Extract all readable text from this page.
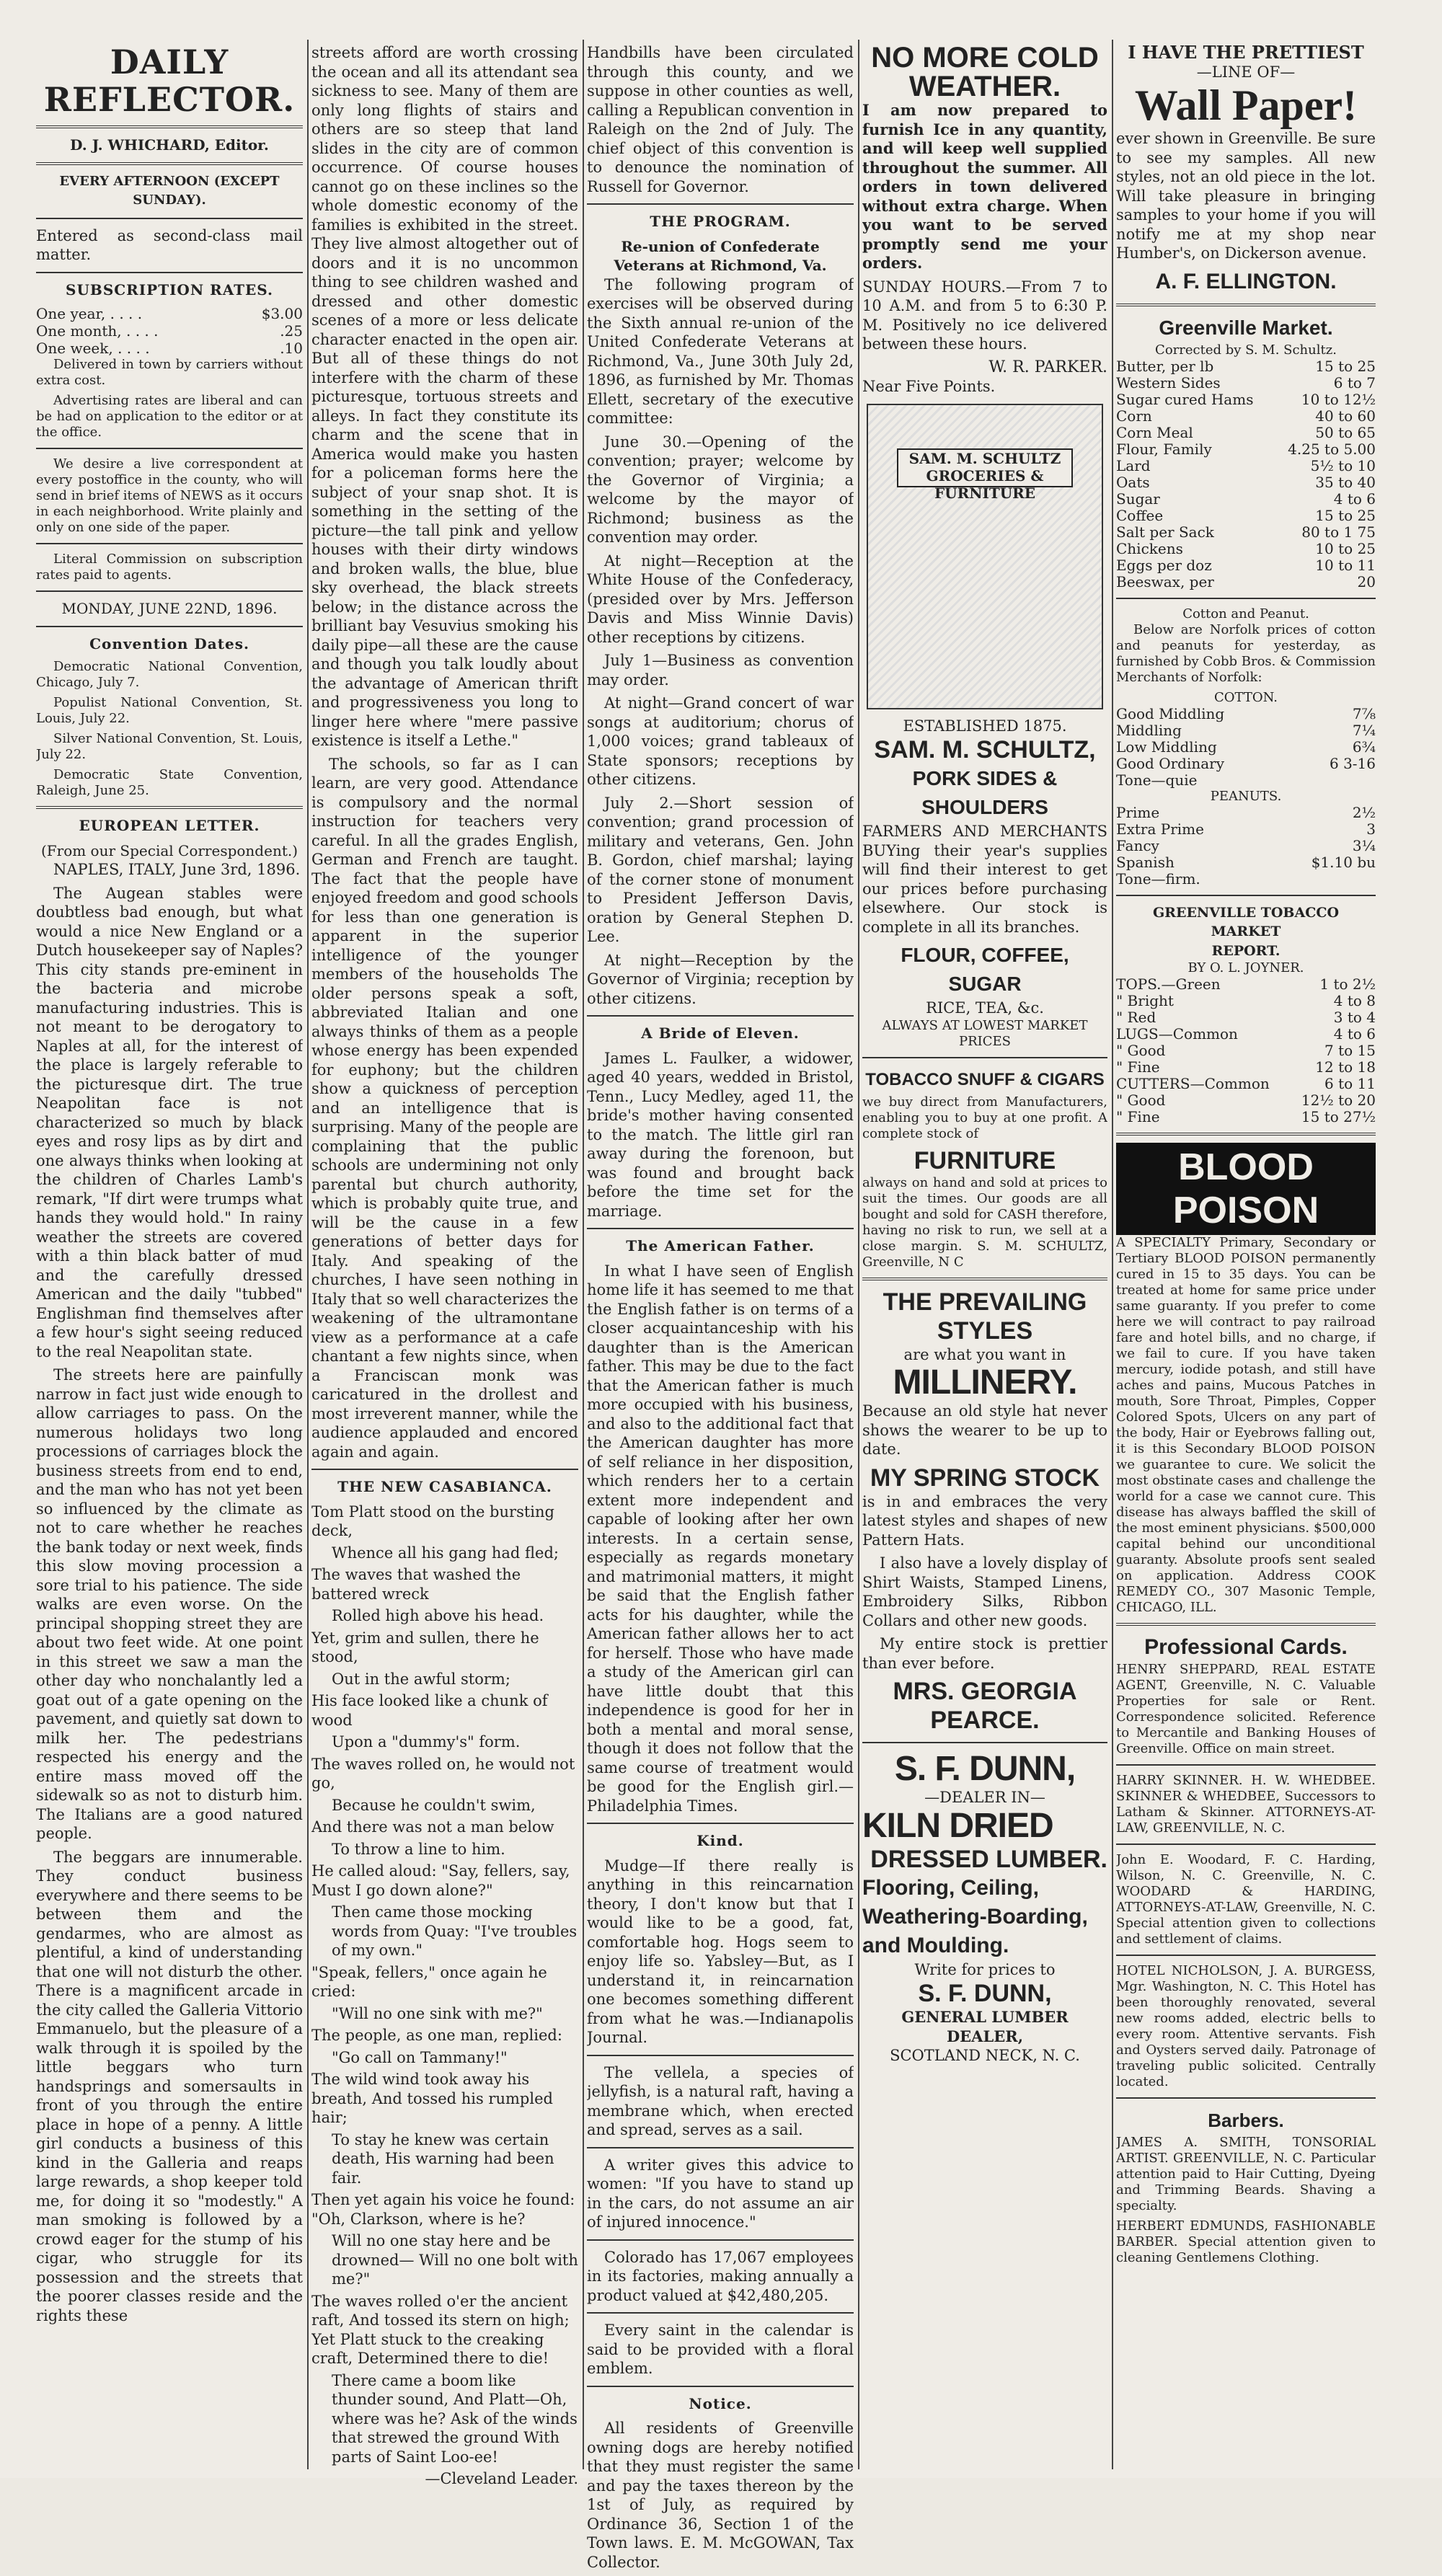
DAILY REFLECTOR.
D. J. WHICHARD, Editor.
EVERY AFTERNOON (EXCEPT SUNDAY).

Entered as second-class mail matter.

SUBSCRIPTION RATES.
One year, . . . .	$3.00
One month, . . . .	.25
One week, . . . .	.10

Delivered in town by carriers without extra cost.

Advertising rates are liberal and can be had on application to the editor or at the office.

We desire a live correspondent at every postoffice in the county, who will send in brief items of NEWS as it occurs in each neighborhood. Write plainly and only on one side of the paper.

Literal Commission on subscription rates paid to agents.

MONDAY, JUNE 22ND, 1896.
Convention Dates.

Democratic National Convention, Chicago, July 7.

Populist National Convention, St. Louis, July 22.

Silver National Convention, St. Louis, July 22.

Democratic State Convention, Raleigh, June 25.

EUROPEAN LETTER.
(From our Special Correspondent.)

NAPLES, ITALY, June 3rd, 1896.

The Augean stables were doubtless bad enough, but what would a nice New England or a Dutch housekeeper say of Naples? This city stands pre-eminent in the bacteria and microbe manufacturing industries. This is not meant to be derogatory to Naples at all, for the interest of the place is largely referable to the picturesque dirt. The true Neapolitan face is not characterized so much by black eyes and rosy lips as by dirt and one always thinks when looking at the children of Charles Lamb's remark, "If dirt were trumps what hands they would hold." In rainy weather the streets are covered with a thin black batter of mud and the carefully dressed American and the daily "tubbed" Englishman find themselves after a few hour's sight seeing reduced to the real Neapolitan state.

The streets here are painfully narrow in fact just wide enough to allow carriages to pass. On the numerous holidays two long processions of carriages block the business streets from end to end, and the man who has not yet been so influenced by the climate as not to care whether he reaches the bank today or next week, finds this slow moving procession a sore trial to his patience. The side walks are even worse. On the principal shopping street they are about two feet wide. At one point in this street we saw a man the other day who nonchalantly led a goat out of a gate opening on the pavement, and quietly sat down to milk her. The pedestrians respected his energy and the entire mass moved off the sidewalk so as not to disturb him. The Italians are a good natured people.

The beggars are innumerable. They conduct business everywhere and there seems to be between them and the gendarmes, who are almost as plentiful, a kind of understanding that one will not disturb the other. There is a magnificent arcade in the city called the Galleria Vittorio Emmanuelo, but the pleasure of a walk through it is spoiled by the little beggars who turn handsprings and somersaults in front of you through the entire place in hope of a penny. A little girl conducts a business of this kind in the Galleria and reaps large rewards, a shop keeper told me, for doing it so "modestly." A man smoking is followed by a crowd eager for the stump of his cigar, who struggle for its possession and the streets that the poorer classes reside and the rights these

streets afford are worth crossing the ocean and all its attendant sea sickness to see. Many of them are only long flights of stairs and others are so steep that land slides in the city are of common occurrence. Of course houses cannot go on these inclines so the whole domestic economy of the families is exhibited in the street. They live almost altogether out of doors and it is no uncommon thing to see children washed and dressed and other domestic scenes of a more or less delicate character enacted in the open air. But all of these things do not interfere with the charm of these picturesque, tortuous streets and alleys. In fact they constitute its charm and the scene that in America would make you hasten for a policeman forms here the subject of your snap shot. It is something in the setting of the picture—the tall pink and yellow houses with their dirty windows and broken walls, the blue, blue sky overhead, the black streets below; in the distance across the brilliant bay Vesuvius smoking his daily pipe—all these are the cause and though you talk loudly about the advantage of American thrift and progressiveness you long to linger here where "mere passive existence is itself a Lethe."

The schools, so far as I can learn, are very good. Attendance is compulsory and the normal instruction for teachers very careful. In all the grades English, German and French are taught. The fact that the people have enjoyed freedom and good schools for less than one generation is apparent in the superior intelligence of the younger members of the households The older persons speak a soft, abbreviated Italian and one always thinks of them as a people whose energy has been expended for euphony; but the children show a quickness of perception and an intelligence that is surprising. Many of the people are complaining that the public schools are undermining not only parental but church authority, which is probably quite true, and will be the cause in a few generations of better days for Italy. And speaking of the churches, I have seen nothing in Italy that so well characterizes the weakening of the ultramontane view as a performance at a cafe chantant a few nights since, when a Franciscan monk was caricatured in the drollest and most irreverent manner, while the audience applauded and encored again and again.

THE NEW CASABIANCA.

Tom Platt stood on the bursting deck,

Whence all his gang had fled;

The waves that washed the battered wreck

Rolled high above his head.

Yet, grim and sullen, there he stood,

Out in the awful storm;

His face looked like a chunk of wood

Upon a "dummy's" form.

The waves rolled on, he would not go,

Because he couldn't swim,

And there was not a man below

To throw a line to him.

He called aloud: "Say, fellers, say, Must I go down alone?"

Then came those mocking words from Quay: "I've troubles of my own."

"Speak, fellers," once again he cried:

"Will no one sink with me?"

The people, as one man, replied:

"Go call on Tammany!"

The wild wind took away his breath, And tossed his rumpled hair;

To stay he knew was certain death, His warning had been fair.

Then yet again his voice he found: "Oh, Clarkson, where is he?

Will no one stay here and be drowned— Will no one bolt with me?"

The waves rolled o'er the ancient raft, And tossed its stern on high; Yet Platt stuck to the creaking craft, Determined there to die!

There came a boom like thunder sound, And Platt—Oh, where was he? Ask of the winds that strewed the ground With parts of Saint Loo-ee!

—Cleveland Leader.

Handbills have been circulated through this county, and we suppose in other counties as well, calling a Republican convention in Raleigh on the 2nd of July. The chief object of this convention is to denounce the nomination of Russell for Governor.

THE PROGRAM.
Re-union of Confederate Veterans at Richmond, Va.

The following program of exercises will be observed during the Sixth annual re-union of the United Confederate Veterans at Richmond, Va., June 30th July 2d, 1896, as furnished by Mr. Thomas Ellett, secretary of the executive committee:

June 30.—Opening of the convention; prayer; welcome by the Governor of Virginia; a welcome by the mayor of Richmond; business as the convention may order.

At night—Reception at the White House of the Confederacy, (presided over by Mrs. Jefferson Davis and Miss Winnie Davis) other receptions by citizens.

July 1—Business as convention may order.

At night—Grand concert of war songs at auditorium; chorus of 1,000 voices; grand tableaux of State sponsors; receptions by other citizens.

July 2.—Short session of convention; grand procession of military and veterans, Gen. John B. Gordon, chief marshal; laying of the corner stone of monument to President Jefferson Davis, oration by General Stephen D. Lee.

At night—Reception by the Governor of Virginia; reception by other citizens.

A Bride of Eleven.

James L. Faulker, a widower, aged 40 years, wedded in Bristol, Tenn., Lucy Medley, aged 11, the bride's mother having consented to the match. The little girl ran away during the forenoon, but was found and brought back before the time set for the marriage.

The American Father.

In what I have seen of English home life it has seemed to me that the English father is on terms of a closer acquaintanceship with his daughter than is the American father. This may be due to the fact that the American father is much more occupied with his business, and also to the additional fact that the American daughter has more of self reliance in her disposition, which renders her to a certain extent more independent and capable of looking after her own interests. In a certain sense, especially as regards monetary and matrimonial matters, it might be said that the English father acts for his daughter, while the American father allows her to act for herself. Those who have made a study of the American girl can have little doubt that this independence is good for her in both a mental and moral sense, though it does not follow that the same course of treatment would be good for the English girl.—Philadelphia Times.

Kind.

Mudge—If there really is anything in this reincarnation theory, I don't know but that I would like to be a good, fat, comfortable hog. Hogs seem to enjoy life so. Yabsley—But, as I understand it, in reincarnation one becomes something different from what he was.—Indianapolis Journal.

The vellela, a species of jellyfish, is a natural raft, having a membrane which, when erected and spread, serves as a sail.

A writer gives this advice to women: "If you have to stand up in the cars, do not assume an air of injured innocence."

Colorado has 17,067 employees in its factories, making annually a product valued at $42,480,205.

Every saint in the calendar is said to be provided with a floral emblem.

Notice.

All residents of Greenville owning dogs are hereby notified that they must register the same and pay the taxes thereon by the 1st of July, as required by Ordinance 36, Section 1 of the Town laws. E. M. McGOWAN, Tax Collector.

NO MORE COLD WEATHER.

I am now prepared to furnish Ice in any quantity, and will keep well supplied throughout the summer. All orders in town delivered without extra charge. When you want to be served promptly send me your orders.

SUNDAY HOURS.—From 7 to 10 A.M. and from 5 to 6:30 P. M. Positively no ice delivered between these hours.

W. R. PARKER.
Near Five Points.
SAM. M. SCHULTZ GROCERIES & FURNITURE
ESTABLISHED 1875.
SAM. M. SCHULTZ,
PORK SIDES & SHOULDERS

FARMERS AND MERCHANTS BUYing their year's supplies will find their interest to get our prices before purchasing elsewhere. Our stock is complete in all its branches.

FLOUR, COFFEE, SUGAR
RICE, TEA, &c.
ALWAYS AT LOWEST MARKET PRICES
TOBACCO SNUFF & CIGARS

we buy direct from Manufacturers, enabling you to buy at one profit. A complete stock of

FURNITURE

always on hand and sold at prices to suit the times. Our goods are all bought and sold for CASH therefore, having no risk to run, we sell at a close margin. S. M. SCHULTZ, Greenville, N C

THE PREVAILING STYLES
are what you want in
MILLINERY.

Because an old style hat never shows the wearer to be up to date.

MY SPRING STOCK

is in and embraces the very latest styles and shapes of new Pattern Hats.

I also have a lovely display of Shirt Waists, Stamped Linens, Embroidery Silks, Ribbon Collars and other new goods.

My entire stock is prettier than ever before.

MRS. GEORGIA PEARCE.
S. F. DUNN,
—DEALER IN—
KILN DRIED
DRESSED LUMBER.
Flooring, Ceiling,
Weathering-Boarding,
and Moulding.
Write for prices to
S. F. DUNN,
GENERAL LUMBER DEALER,
SCOTLAND NECK, N. C.
I HAVE THE PRETTIEST
—LINE OF—
Wall Paper!

ever shown in Greenville. Be sure to see my samples. All new styles, not an old piece in the lot. Will take pleasure in bringing samples to your home if you will notify me at my shop near Humber's, on Dickerson avenue.

A. F. ELLINGTON.
Greenville Market.
Corrected by S. M. Schultz.
Butter, per lb	15 to 25
Western Sides	6 to 7
Sugar cured Hams	10 to 12½
Corn	40 to 60
Corn Meal	50 to 65
Flour, Family	4.25 to 5.00
Lard	5½ to 10
Oats	35 to 40
Sugar	4 to 6
Coffee	15 to 25
Salt per Sack	80 to 1 75
Chickens	10 to 25
Eggs per doz	10 to 11
Beeswax, per	20
Cotton and Peanut.

Below are Norfolk prices of cotton and peanuts for yesterday, as furnished by Cobb Bros. & Commission Merchants of Norfolk:

COTTON.
Good Middling	7⅞
Middling	7¼
Low Middling	6¾
Good Ordinary	6 3-16
Tone—quie
PEANUTS.
Prime	2½
Extra Prime	3
Fancy	3¼
Spanish	$1.10 bu
Tone—firm.
GREENVILLE TOBACCO MARKET
REPORT.
BY O. L. JOYNER.
TOPS.—Green	1 to 2½
" Bright	4 to 8
" Red	3 to 4
LUGS—Common	4 to 6
" Good	7 to 15
" Fine	12 to 18
CUTTERS—Common	6 to 11
" Good	12½ to 20
" Fine	15 to 27½
BLOOD POISON

A SPECIALTY Primary, Secondary or Tertiary BLOOD POISON permanently cured in 15 to 35 days. You can be treated at home for same price under same guaranty. If you prefer to come here we will contract to pay railroad fare and hotel bills, and no charge, if we fail to cure. If you have taken mercury, iodide potash, and still have aches and pains, Mucous Patches in mouth, Sore Throat, Pimples, Copper Colored Spots, Ulcers on any part of the body, Hair or Eyebrows falling out, it is this Secondary BLOOD POISON we guarantee to cure. We solicit the most obstinate cases and challenge the world for a case we cannot cure. This disease has always baffled the skill of the most eminent physicians. $500,000 capital behind our unconditional guaranty. Absolute proofs sent sealed on application. Address COOK REMEDY CO., 307 Masonic Temple, CHICAGO, ILL.

Professional Cards.

HENRY SHEPPARD, REAL ESTATE AGENT, Greenville, N. C. Valuable Properties for sale or Rent. Correspondence solicited. Reference to Mercantile and Banking Houses of Greenville. Office on main street.

HARRY SKINNER. H. W. WHEDBEE. SKINNER & WHEDBEE, Successors to Latham & Skinner. ATTORNEYS-AT-LAW, GREENVILLE, N. C.

John E. Woodard, F. C. Harding, Wilson, N. C. Greenville, N. C. WOODARD & HARDING, ATTORNEYS-AT-LAW, Greenville, N. C. Special attention given to collections and settlement of claims.

HOTEL NICHOLSON, J. A. BURGESS, Mgr. Washington, N. C. This Hotel has been thoroughly renovated, several new rooms added, electric bells to every room. Attentive servants. Fish and Oysters served daily. Patronage of traveling public solicited. Centrally located.

Barbers.

JAMES A. SMITH, TONSORIAL ARTIST. GREENVILLE, N. C. Particular attention paid to Hair Cutting, Dyeing and Trimming Beards. Shaving a specialty.

HERBERT EDMUNDS, FASHIONABLE BARBER. Special attention given to cleaning Gentlemens Clothing.
